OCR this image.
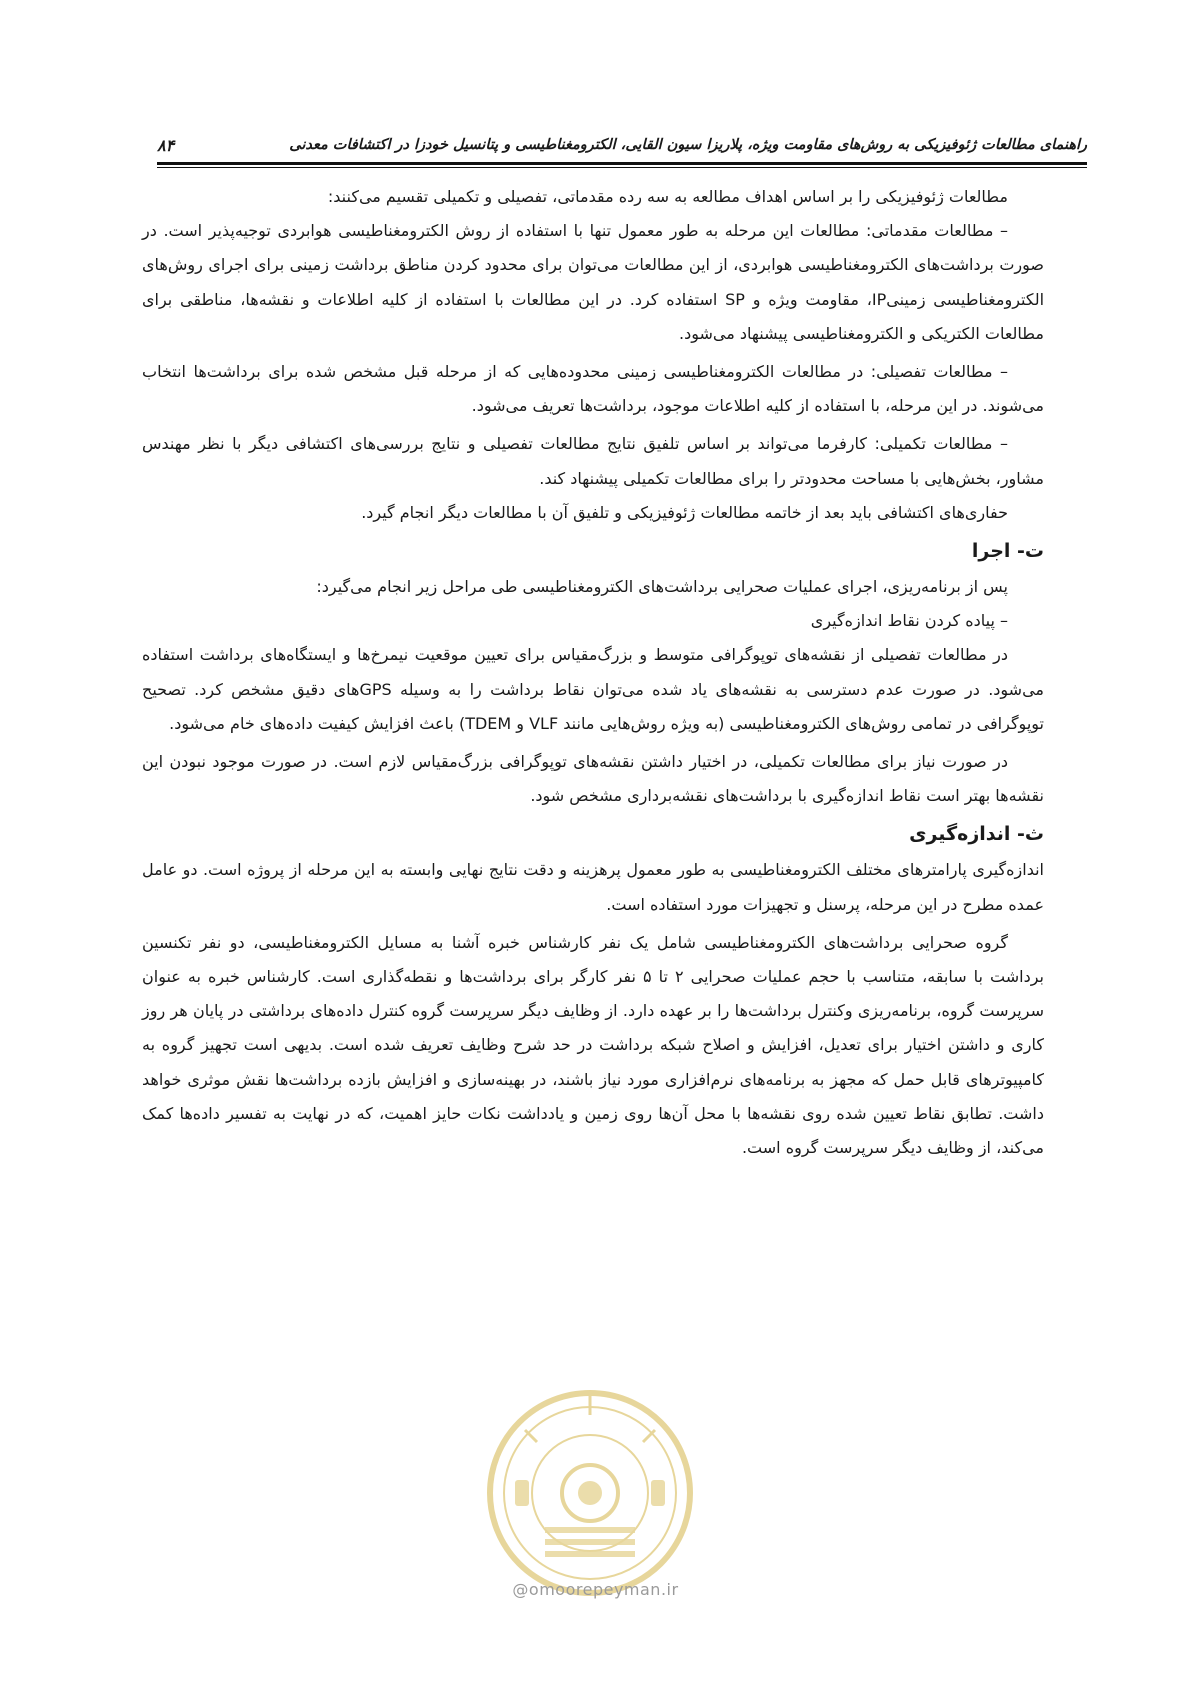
راهنمای مطالعات ژئوفیزیکی به روش‌های مقاومت ویژه، پلاریزا سیون القایی، الکترومغناطیسی و پتانسیل خودزا در اکتشافات معدنی
۸۴

مطالعات ژئوفیزیکی را بر اساس اهداف مطالعه به سه رده مقدماتی، تفصیلی و تکمیلی تقسیم می‌کنند:

– مطالعات مقدماتی: مطالعات این مرحله به طور معمول تنها با استفاده از روش الکترومغناطیسی هوابردی توجیه‌پذیر است. در صورت برداشت‌های الکترومغناطیسی هوابردی، از این مطالعات می‌توان برای محدود کردن مناطق برداشت زمینی برای اجرای روش‌های الکترومغناطیسی زمینیIP، مقاومت ویژه و SP استفاده کرد. در این مطالعات با استفاده از کلیه اطلاعات و نقشه‌ها، مناطقی برای مطالعات الکتریکی و الکترومغناطیسی پیشنهاد می‌شود.

– مطالعات تفصیلی: در مطالعات الکترومغناطیسی زمینی محدوده‌هایی که از مرحله قبل مشخص شده برای برداشت‌ها انتخاب می‌شوند. در این مرحله، با استفاده از کلیه اطلاعات موجود، برداشت‌ها تعریف می‌شود.

– مطالعات تکمیلی: کارفرما می‌تواند بر اساس تلفیق نتایج مطالعات تفصیلی و نتایج بررسی‌های اکتشافی دیگر با نظر مهندس مشاور، بخش‌هایی با مساحت محدودتر را برای مطالعات تکمیلی پیشنهاد کند.

حفاری‌های اکتشافی باید بعد از خاتمه مطالعات ژئوفیزیکی و تلفیق آن با مطالعات دیگر انجام گیرد.

ت- اجرا

پس از برنامه‌ریزی، اجرای عملیات صحرایی برداشت‌های الکترومغناطیسی طی مراحل زیر انجام می‌گیرد:

– پیاده کردن نقاط اندازه‌گیری

در مطالعات تفصیلی از نقشه‌های توپوگرافی متوسط و بزرگ‌مقیاس برای تعیین موقعیت نیمرخ‌ها و ایستگاه‌های برداشت استفاده می‌شود. در صورت عدم دسترسی به نقشه‌های یاد شده می‌توان نقاط برداشت را به وسیله GPSهای دقیق مشخص کرد. تصحیح توپوگرافی در تمامی روش‌های الکترومغناطیسی (به ویژه روش‌هایی مانند VLF و TDEM) باعث افزایش کیفیت داده‌های خام می‌شود.

در صورت نیاز برای مطالعات تکمیلی، در اختیار داشتن نقشه‌های توپوگرافی بزرگ‌مقیاس لازم است. در صورت موجود نبودن این نقشه‌ها بهتر است نقاط اندازه‌گیری با برداشت‌های نقشه‌برداری مشخص شود.

ث- اندازه‌گیری

اندازه‌گیری پارامترهای مختلف الکترومغناطیسی به طور معمول پرهزینه و دقت نتایج نهایی وابسته به این مرحله از پروژه است. دو عامل عمده مطرح در این مرحله، پرسنل و تجهیزات مورد استفاده است.

گروه صحرایی برداشت‌های الکترومغناطیسی شامل یک نفر کارشناس خبره آشنا به مسایل الکترومغناطیسی، دو نفر تکنسین برداشت با سابقه، متناسب با حجم عملیات صحرایی ۲ تا ۵ نفر کارگر برای برداشت‌ها و نقطه‌گذاری است. کارشناس خبره به عنوان سرپرست گروه، برنامه‌ریزی وکنترل برداشت‌ها را بر عهده دارد. از وظایف دیگر سرپرست گروه کنترل داده‌های برداشتی در پایان هر روز کاری و داشتن اختیار برای تعدیل، افزایش و اصلاح شبکه برداشت در حد شرح وظایف تعریف شده است. بدیهی است تجهیز گروه به کامپیوترهای قابل حمل که مجهز به برنامه‌های نرم‌افزاری مورد نیاز باشند، در بهینه‌سازی و افزایش بازده برداشت‌ها نقش موثری خواهد داشت. تطابق نقاط تعیین شده روی نقشه‌ها با محل آن‌ها روی زمین و یادداشت نکات حایز اهمیت، که در نهایت به تفسیر داده‌ها کمک می‌کند، از وظایف دیگر سرپرست گروه است.

@omoorepeyman.ir
